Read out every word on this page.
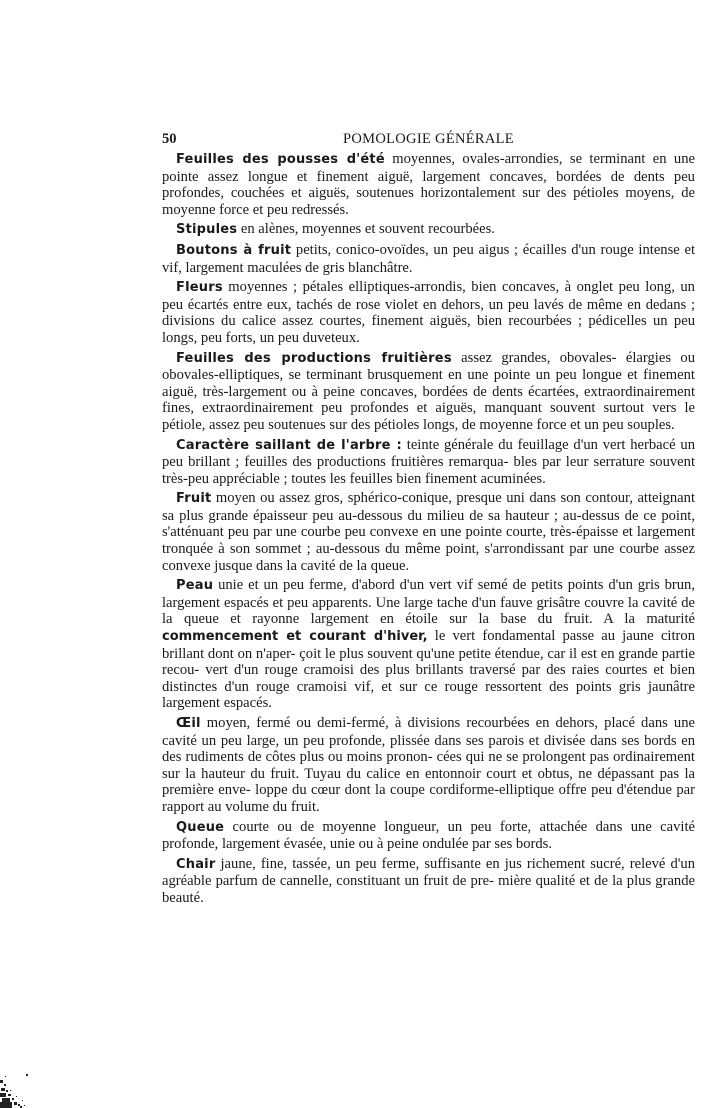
50	POMOLOGIE GÉNÉRALE

Feuilles des pousses d'été moyennes, ovales-arrondies, se terminant en une pointe assez longue et finement aiguë, largement concaves, bordées de dents peu profondes, couchées et aiguës, soutenues horizontalement sur des pétioles moyens, de moyenne force et peu redressés.

Stipules en alènes, moyennes et souvent recourbées.

Boutons à fruit petits, conico-ovoïdes, un peu aigus ; écailles d'un rouge intense et vif, largement maculées de gris blanchâtre.

Fleurs moyennes ; pétales elliptiques-arrondis, bien concaves, à onglet peu long, un peu écartés entre eux, tachés de rose violet en dehors, un peu lavés de même en dedans ; divisions du calice assez courtes, finement aiguës, bien recourbées ; pédicelles un peu longs, peu forts, un peu duveteux.

Feuilles des productions fruitières assez grandes, obovales- élargies ou obovales-elliptiques, se terminant brusquement en une pointe un peu longue et finement aiguë, très-largement ou à peine concaves, bordées de dents écartées, extraordinairement fines, extraordinairement peu profondes et aiguës, manquant souvent surtout vers le pétiole, assez peu soutenues sur des pétioles longs, de moyenne force et un peu souples.

Caractère saillant de l'arbre : teinte générale du feuillage d'un vert herbacé un peu brillant ; feuilles des productions fruitières remarqua- bles par leur serrature souvent très-peu appréciable ; toutes les feuilles bien finement acuminées.

Fruit moyen ou assez gros, sphérico-conique, presque uni dans son contour, atteignant sa plus grande épaisseur peu au-dessous du milieu de sa hauteur ; au-dessus de ce point, s'atténuant peu par une courbe peu convexe en une pointe courte, très-épaisse et largement tronquée à son sommet ; au-dessous du même point, s'arrondissant par une courbe assez convexe jusque dans la cavité de la queue.

Peau unie et un peu ferme, d'abord d'un vert vif semé de petits points d'un gris brun, largement espacés et peu apparents. Une large tache d'un fauve grisâtre couvre la cavité de la queue et rayonne largement en étoile sur la base du fruit. A la maturité commencement et courant d'hiver, le vert fondamental passe au jaune citron brillant dont on n'aper- çoit le plus souvent qu'une petite étendue, car il est en grande partie recou- vert d'un rouge cramoisi des plus brillants traversé par des raies courtes et bien distinctes d'un rouge cramoisi vif, et sur ce rouge ressortent des points gris jaunâtre largement espacés.

Œil moyen, fermé ou demi-fermé, à divisions recourbées en dehors, placé dans une cavité un peu large, un peu profonde, plissée dans ses parois et divisée dans ses bords en des rudiments de côtes plus ou moins pronon- cées qui ne se prolongent pas ordinairement sur la hauteur du fruit. Tuyau du calice en entonnoir court et obtus, ne dépassant pas la première enve- loppe du cœur dont la coupe cordiforme-elliptique offre peu d'étendue par rapport au volume du fruit.

Queue courte ou de moyenne longueur, un peu forte, attachée dans une cavité profonde, largement évasée, unie ou à peine ondulée par ses bords.

Chair jaune, fine, tassée, un peu ferme, suffisante en jus richement sucré, relevé d'un agréable parfum de cannelle, constituant un fruit de pre- mière qualité et de la plus grande beauté.
